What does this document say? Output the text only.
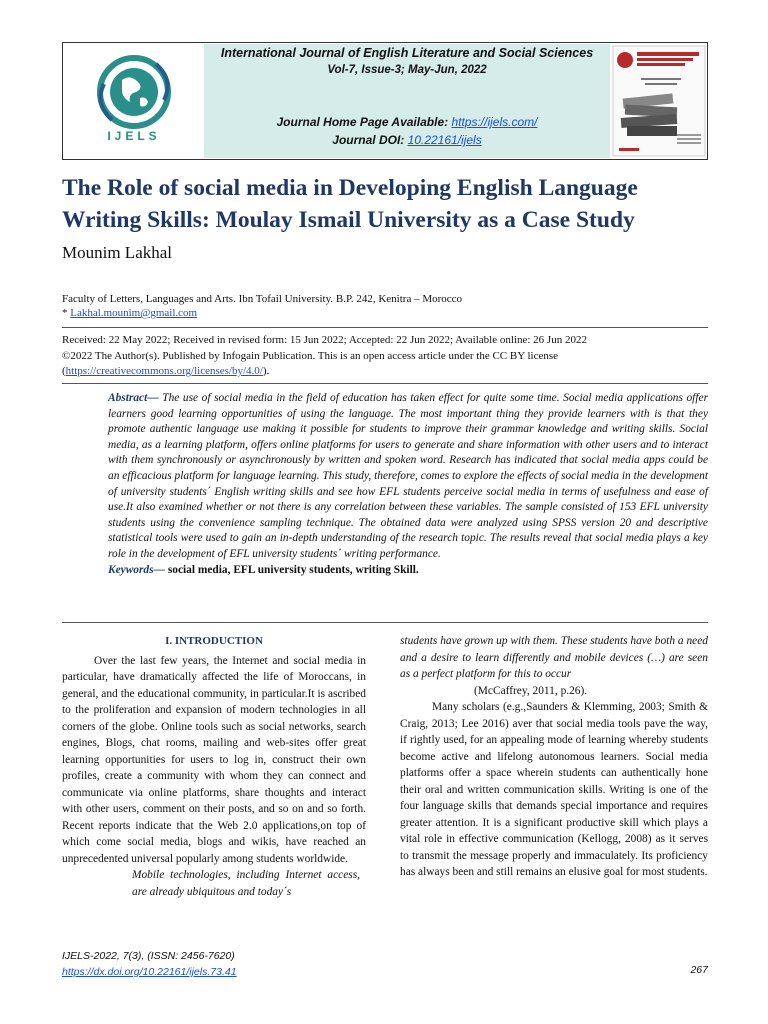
IJELS
International Journal of English Literature and Social Sciences
Vol-7, Issue-3; May-Jun, 2022
Journal Home Page Available: https://ijels.com/
Journal DOI: 10.22161/ijels
The Role of social media in Developing English Language Writing Skills: Moulay Ismail University as a Case Study
Mounim Lakhal
Faculty of Letters, Languages and Arts. Ibn Tofail University. B.P. 242, Kenitra – Morocco
* Lakhal.mounim@gmail.com
Received: 22 May 2022; Received in revised form: 15 Jun 2022; Accepted: 22 Jun 2022; Available online: 26 Jun 2022
©2022 The Author(s). Published by Infogain Publication. This is an open access article under the CC BY license
(https://creativecommons.org/licenses/by/4.0/).
Abstract— The use of social media in the field of education has taken effect for quite some time. Social media applications offer learners good learning opportunities of using the language. The most important thing they provide learners with is that they promote authentic language use making it possible for students to improve their grammar knowledge and writing skills. Social media, as a learning platform, offers online platforms for users to generate and share information with other users and to interact with them synchronously or asynchronously by written and spoken word. Research has indicated that social media apps could be an efficacious platform for language learning. This study, therefore, comes to explore the effects of social media in the development of university students´ English writing skills and see how EFL students perceive social media in terms of usefulness and ease of use.It also examined whether or not there is any correlation between these variables. The sample consisted of 153 EFL university students using the convenience sampling technique. The obtained data were analyzed using SPSS version 20 and descriptive statistical tools were used to gain an in-depth understanding of the research topic. The results reveal that social media plays a key role in the development of EFL university students´ writing performance.
Keywords— social media, EFL university students, writing Skill.
I. INTRODUCTION

Over the last few years, the Internet and social media in particular, have dramatically affected the life of Moroccans, in general, and the educational community, in particular.It is ascribed to the proliferation and expansion of modern technologies in all corners of the globe. Online tools such as social networks, search engines, Blogs, chat rooms, mailing and web-sites offer great learning opportunities for users to log in, construct their own profiles, create a community with whom they can connect and communicate via online platforms, share thoughts and interact with other users, comment on their posts, and so on and so forth. Recent reports indicate that the Web 2.0 applications,on top of which come social media, blogs and wikis, have reached an unprecedented universal popularly among students worldwide.

Mobile technologies, including Internet access, are already ubiquitous and today´s

students have grown up with them. These students have both a need and a desire to learn differently and mobile devices (…) are seen as a perfect platform for this to occur

(McCaffrey, 2011, p.26).

Many scholars (e.g.,Saunders & Klemming, 2003; Smith & Craig, 2013; Lee 2016) aver that social media tools pave the way, if rightly used, for an appealing mode of learning whereby students become active and lifelong autonomous learners. Social media platforms offer a space wherein students can authentically hone their oral and written communication skills. Writing is one of the four language skills that demands special importance and requires greater attention. It is a significant productive skill which plays a vital role in effective communication (Kellogg, 2008) as it serves to transmit the message properly and immaculately. Its proficiency has always been and still remains an elusive goal for most students.

IJELS-2022, 7(3), (ISSN: 2456-7620)
https://dx.doi.org/10.22161/ijels.73.41	267
